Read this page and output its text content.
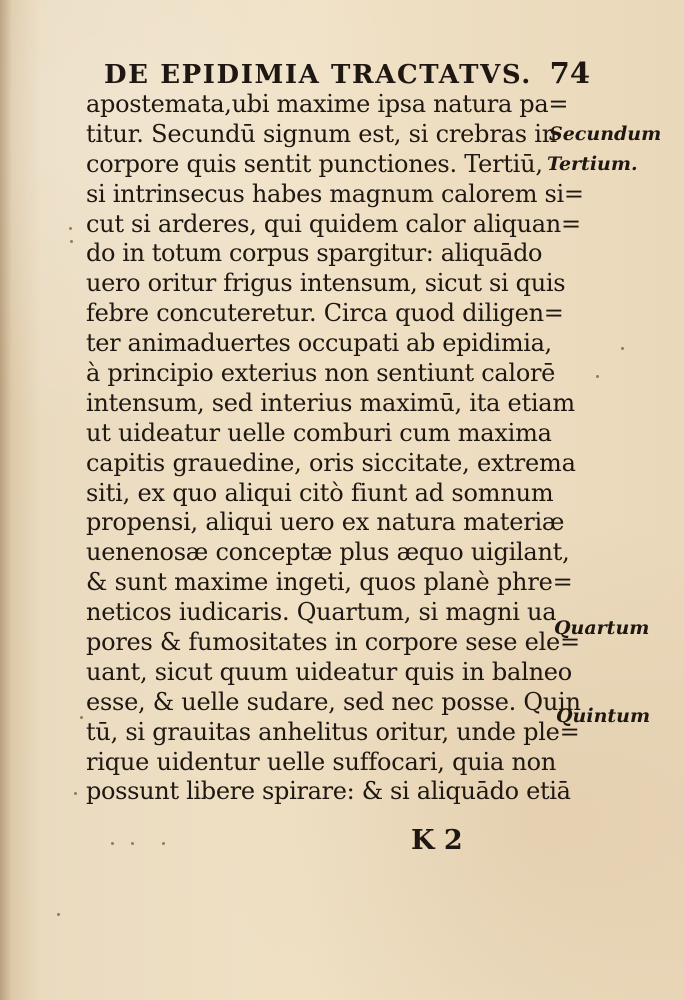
DE EPIDIMIA TRACTATVS. 74
apostemata,ubi maxime ipsa natura pa=
titur. Secundū signum est, si crebras in
corpore quis sentit punctiones. Tertiū,
si intrinsecus habes magnum calorem si=
cut si arderes, qui quidem calor aliquan=
do in totum corpus spargitur: aliquādo
uero oritur frigus intensum, sicut si quis
febre concuteretur. Circa quod diligen=
ter animaduertes occupati ab epidimia,
à principio exterius non sentiunt calorē
intensum, sed interius maximū, ita etiam
ut uideatur uelle comburi cum maxima
capitis grauedine, oris siccitate, extrema
siti, ex quo aliqui citò fiunt ad somnum
propensi, aliqui uero ex natura materiæ
uenenosæ conceptæ plus æquo uigilant,
& sunt maxime ingeti, quos planè phre=
neticos iudicaris. Quartum, si magni ua
pores & fumositates in corpore sese ele=
uant, sicut quum uideatur quis in balneo
esse, & uelle sudare, sed nec posse. Quin
tū, si grauitas anhelitus oritur, unde ple=
rique uidentur uelle suffocari, quia non
possunt libere spirare: & si aliquādo etiā
Secundum
Tertium.
Quartum
Quintum
K 2
